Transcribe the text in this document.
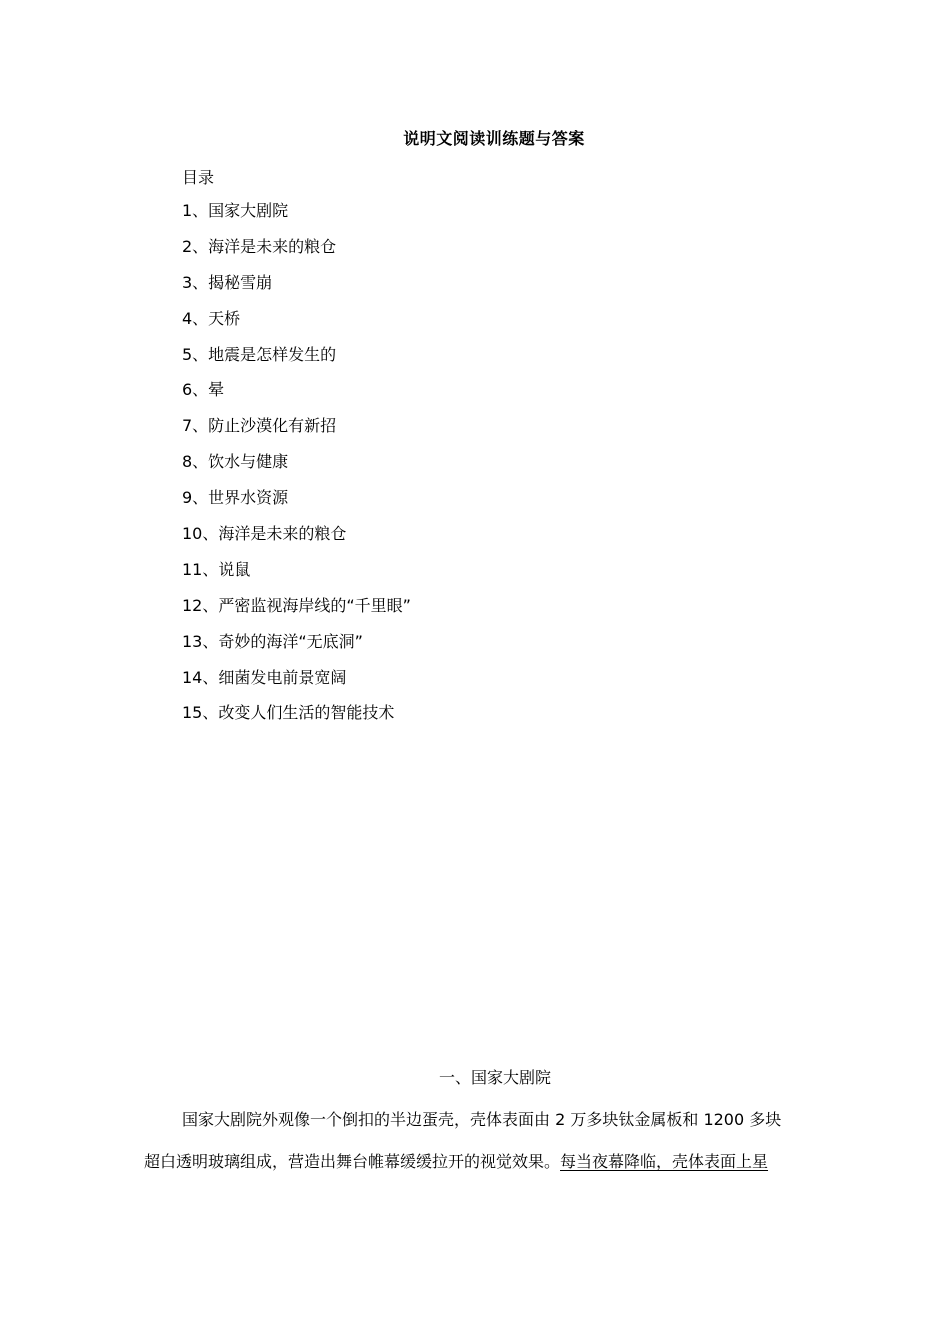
说明文阅读训练题与答案
目录
1、国家大剧院
2、海洋是未来的粮仓
3、揭秘雪崩
4、天桥
5、地震是怎样发生的
6、晕
7、防止沙漠化有新招
8、饮水与健康
9、世界水资源
10、海洋是未来的粮仓
11、说鼠
12、严密监视海岸线的“千里眼”
13、奇妙的海洋“无底洞”
14、细菌发电前景宽阔
15、改变人们生活的智能技术
一、国家大剧院

国家大剧院外观像一个倒扣的半边蛋壳，壳体表面由 2 万多块钛金属板和 1200 多块
超白透明玻璃组成，营造出舞台帷幕缓缓拉开的视觉效果。每当夜幕降临，壳体表面上星
